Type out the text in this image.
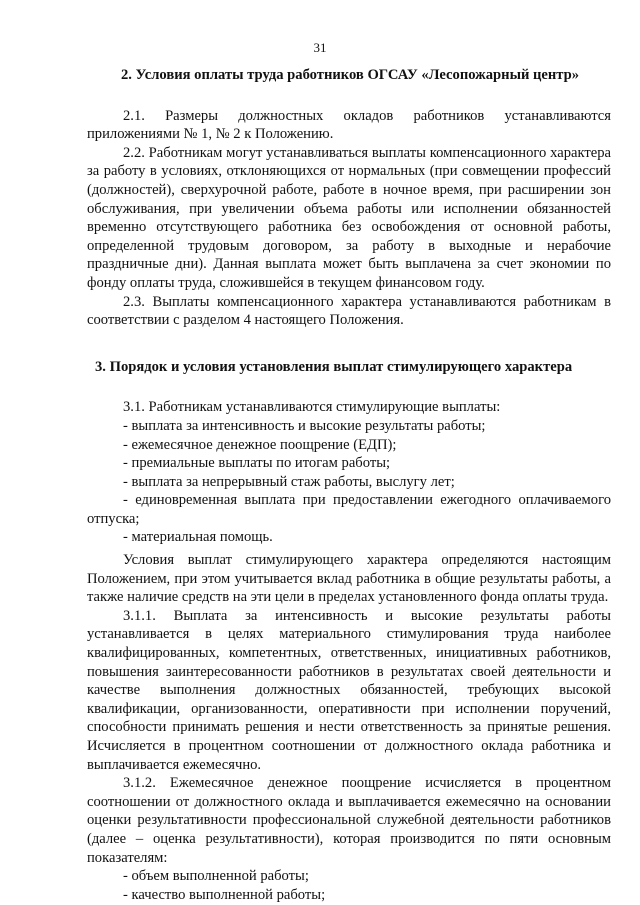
31

2. Условия оплаты труда работников ОГСАУ «Лесопожарный центр»

2.1. Размеры должностных окладов работников устанавливаются приложениями № 1, № 2 к Положению.

2.2. Работникам могут устанавливаться выплаты компенсационного характера за работу в условиях, отклоняющихся от нормальных (при совмещении профессий (должностей), сверхурочной работе, работе в ночное время, при расширении зон обслуживания, при увеличении объема работы или исполнении обязанностей временно отсутствующего работника без освобождения от основной работы, определенной трудовым договором, за работу в выходные и нерабочие праздничные дни). Данная выплата может быть выплачена за счет экономии по фонду оплаты труда, сложившейся в текущем финансовом году.

2.3. Выплаты компенсационного характера устанавливаются работникам в соответствии с разделом 4 настоящего Положения.

3. Порядок и условия установления выплат стимулирующего характера

3.1. Работникам устанавливаются стимулирующие выплаты:

- выплата за интенсивность и высокие результаты работы;

- ежемесячное денежное поощрение (ЕДП);

- премиальные выплаты по итогам работы;

- выплата за непрерывный стаж работы, выслугу лет;

- единовременная выплата при предоставлении ежегодного оплачиваемого отпуска;

- материальная помощь.

Условия выплат стимулирующего характера определяются настоящим Положением, при этом учитывается вклад работника в общие результаты работы, а также наличие средств на эти цели в пределах установленного фонда оплаты труда.

3.1.1. Выплата за интенсивность и высокие результаты работы устанавливается в целях материального стимулирования труда наиболее квалифицированных, компетентных, ответственных, инициативных работников, повышения заинтересованности работников в результатах своей деятельности и качестве выполнения должностных обязанностей, требующих высокой квалификации, организованности, оперативности при исполнении поручений, способности принимать решения и нести ответственность за принятые решения. Исчисляется в процентном соотношении от должностного оклада работника и выплачивается ежемесячно.

3.1.2. Ежемесячное денежное поощрение исчисляется в процентном соотношении от должностного оклада и выплачивается ежемесячно на основании оценки результативности профессиональной служебной деятельности работников (далее – оценка результативности), которая производится по пяти основным показателям:

- объем выполненной работы;

- качество выполненной работы;
